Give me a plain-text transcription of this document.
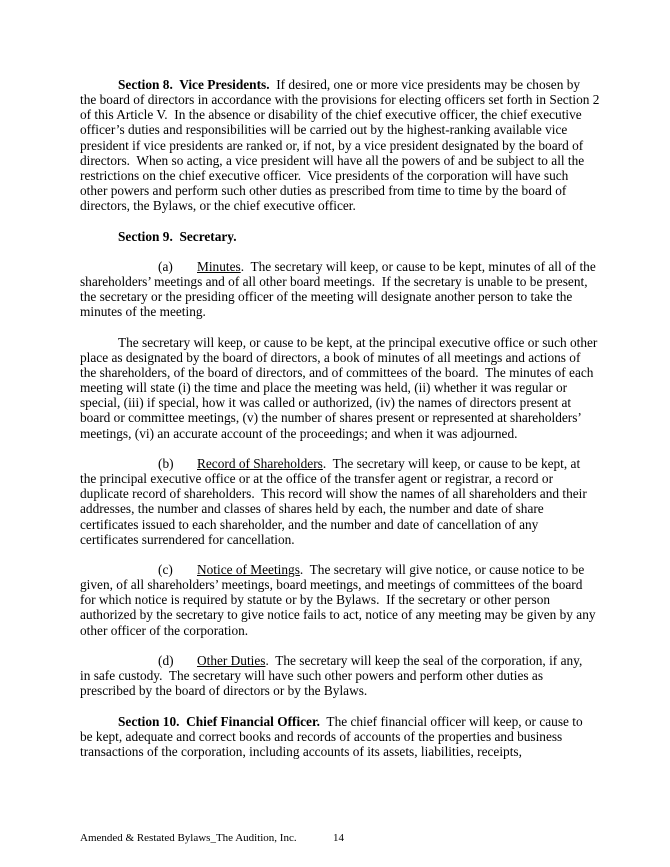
Section 8.  Vice Presidents.  If desired, one or more vice presidents may be chosen by
the board of directors in accordance with the provisions for electing officers set forth in Section 2
of this Article V.  In the absence or disability of the chief executive officer, the chief executive
officer’s duties and responsibilities will be carried out by the highest-ranking available vice
president if vice presidents are ranked or, if not, by a vice president designated by the board of
directors.  When so acting, a vice president will have all the powers of and be subject to all the
restrictions on the chief executive officer.  Vice presidents of the corporation will have such
other powers and perform such other duties as prescribed from time to time by the board of
directors, the Bylaws, or the chief executive officer.
Section 9.  Secretary.
(a) Minutes.  The secretary will keep, or cause to be kept, minutes of all of the
shareholders’ meetings and of all other board meetings.  If the secretary is unable to be present,
the secretary or the presiding officer of the meeting will designate another person to take the
minutes of the meeting.
The secretary will keep, or cause to be kept, at the principal executive office or such other
place as designated by the board of directors, a book of minutes of all meetings and actions of
the shareholders, of the board of directors, and of committees of the board.  The minutes of each
meeting will state (i) the time and place the meeting was held, (ii) whether it was regular or
special, (iii) if special, how it was called or authorized, (iv) the names of directors present at
board or committee meetings, (v) the number of shares present or represented at shareholders’
meetings, (vi) an accurate account of the proceedings; and when it was adjourned.
(b) Record of Shareholders.  The secretary will keep, or cause to be kept, at
the principal executive office or at the office of the transfer agent or registrar, a record or
duplicate record of shareholders.  This record will show the names of all shareholders and their
addresses, the number and classes of shares held by each, the number and date of share
certificates issued to each shareholder, and the number and date of cancellation of any
certificates surrendered for cancellation.
(c) Notice of Meetings.  The secretary will give notice, or cause notice to be
given, of all shareholders’ meetings, board meetings, and meetings of committees of the board
for which notice is required by statute or by the Bylaws.  If the secretary or other person
authorized by the secretary to give notice fails to act, notice of any meeting may be given by any
other officer of the corporation.
(d) Other Duties.  The secretary will keep the seal of the corporation, if any,
in safe custody.  The secretary will have such other powers and perform other duties as
prescribed by the board of directors or by the Bylaws.
Section 10.  Chief Financial Officer.  The chief financial officer will keep, or cause to
be kept, adequate and correct books and records of accounts of the properties and business
transactions of the corporation, including accounts of its assets, liabilities, receipts,
Amended & Restated Bylaws_The Audition, Inc.	14
